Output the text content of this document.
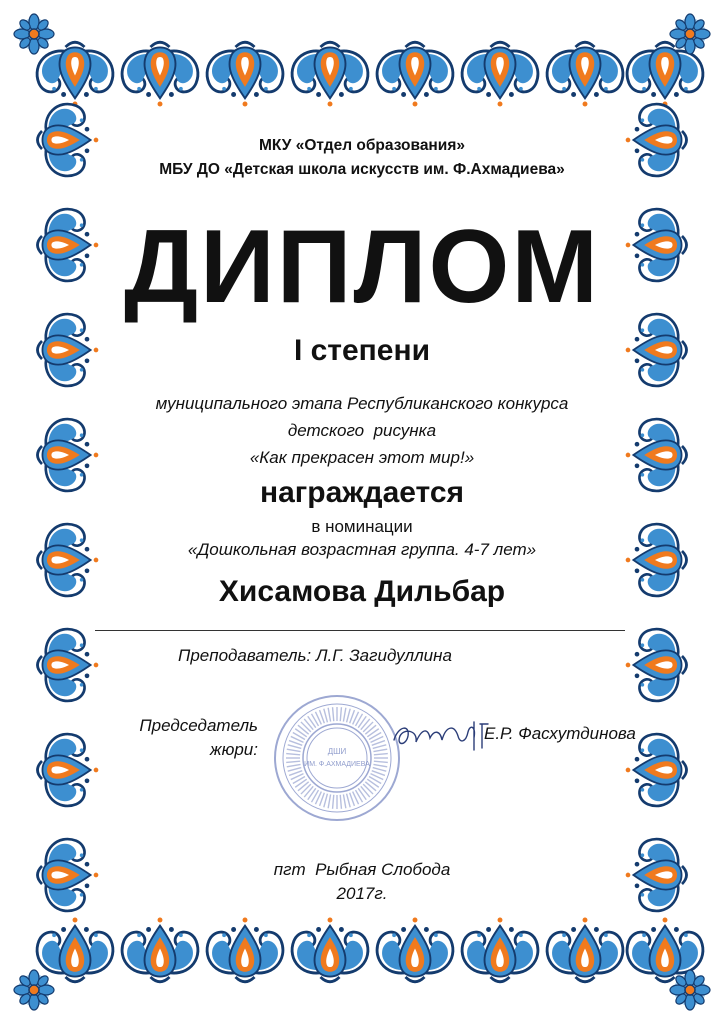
МКУ «Отдел образования»
МБУ ДО «Детская школа искусств им. Ф.Ахмадиева»
ДИПЛОМ
I степени
муниципального этапа Республиканского конкурса
детского  рисунка
«Как прекрасен этот мир!»
награждается
в номинации
«Дошкольная возрастная группа. 4-7 лет»
Хисамова Дильбар
Преподаватель: Л.Г. Загидуллина
Председатель
жюри:	ДШИ
ИМ. Ф.АХМАДИЕВА
Е.Р. Фасхутдинова
пгт  Рыбная Слобода
2017г.
